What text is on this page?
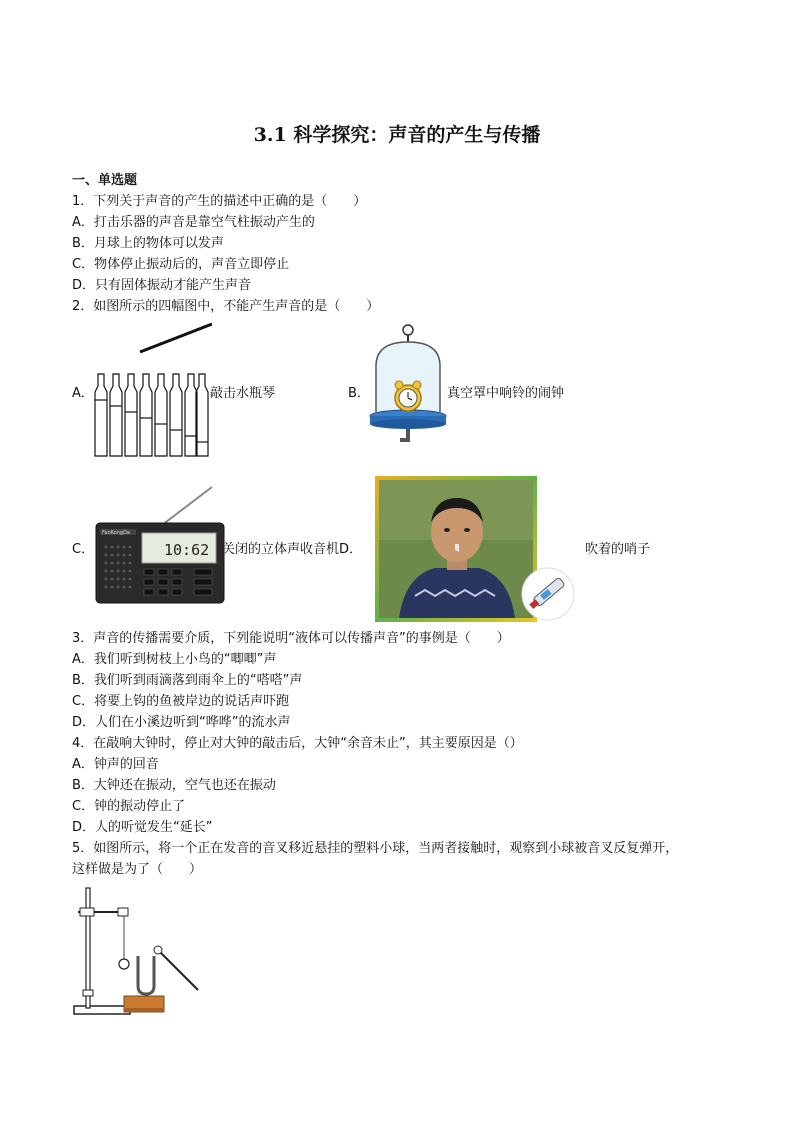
3.1 科学探究：声音的产生与传播
一、单选题
1．下列关于声音的产生的描述中正确的是（　　）
A．打击乐器的声音是靠空气柱振动产生的
B．月球上的物体可以发声
C．物体停止振动后的，声音立即停止
D．只有固体振动才能产生声音
2．如图所示的四幅图中，不能产生声音的是（　　）
A．	敲击水瓶琴	B．	真空罩中响铃的闹钟
C．
FanKongDa
10:62 关闭的立体声收音机D．	吹着的哨子
3．声音的传播需要介质，下列能说明“液体可以传播声音”的事例是（　　）
A．我们听到树枝上小鸟的“唧唧”声
B．我们听到雨滴落到雨伞上的“嗒嗒”声
C．将要上钩的鱼被岸边的说话声吓跑
D．人们在小溪边听到“哗哗”的流水声
4．在敲响大钟时，停止对大钟的敲击后，大钟“余音未止”，其主要原因是（）
A．钟声的回音
B．大钟还在振动，空气也还在振动
C．钟的振动停止了
D．人的听觉发生“延长”
5．如图所示，将一个正在发音的音叉移近悬挂的塑料小球，当两者接触时，观察到小球被音叉反复弹开，
这样做是为了（　　）
